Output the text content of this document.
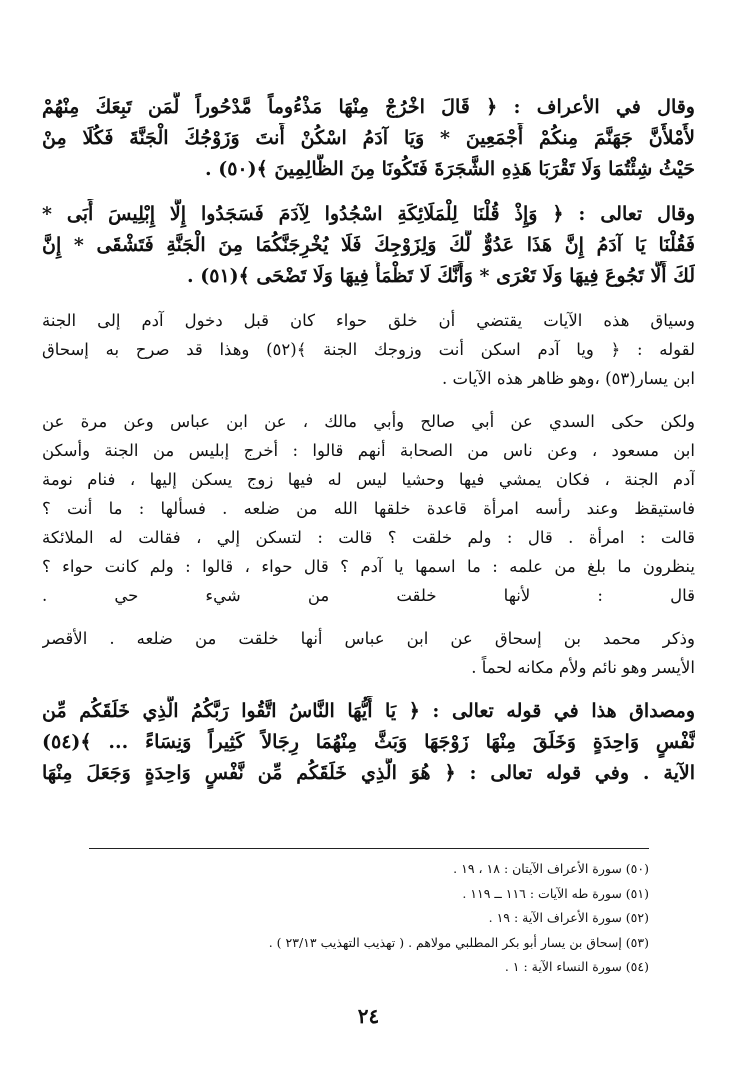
وقال في الأعراف : ﴿ قَالَ اخْرُجْ مِنْهَا مَذْءُوماً مَّدْحُوراً لَّمَن تَبِعَكَ مِنْهُمْ
لأَمْلأَنَّ جَهَنَّمَ مِنكُمْ أَجْمَعِينَ * وَيَا آدَمُ اسْكُنْ أَنتَ وَزَوْجُكَ الْجَنَّةَ فَكُلَا مِنْ
حَيْثُ شِئْتُمَا وَلَا تَقْرَبَا هَذِهِ الشَّجَرَةَ فَتَكُونَا مِنَ الظَّالِمِينَ ﴾(٥٠) .
وقال تعالى : ﴿ وَإِذْ قُلْنَا لِلْمَلَائِكَةِ اسْجُدُوا لِآدَمَ فَسَجَدُوا إِلَّا إِبْلِيسَ أَبَى *
فَقُلْنَا يَا آدَمُ إِنَّ هَذَا عَدُوٌّ لَّكَ وَلِزَوْجِكَ فَلَا يُخْرِجَنَّكُمَا مِنَ الْجَنَّةِ فَتَشْقَى * إِنَّ
لَكَ أَلَّا تَجُوعَ فِيهَا وَلَا تَعْرَى * وَأَنَّكَ لَا تَظْمَأُ فِيهَا وَلَا تَضْحَى ﴾(٥١) .
وسياق هذه الآيات يقتضي أن خلق حواء كان قبل دخول آدم إلى الجنة
لقوله : ﴿ ويا آدم اسكن أنت وزوجك الجنة ﴾(٥٢) وهذا قد صرح به إسحاق
ابن يسار(٥٣) ،وهو ظاهر هذه الآيات .
ولكن حكى السدي عن أبي صالح وأبي مالك ، عن ابن عباس وعن مرة عن
ابن مسعود ، وعن ناس من الصحابة أنهم قالوا : أخرج إبليس من الجنة وأسكن
آدم الجنة ، فكان يمشي فيها وحشيا ليس له فيها زوج يسكن إليها ، فنام نومة
فاستيقظ وعند رأسه امرأة قاعدة خلقها الله من ضلعه . فسألها : ما أنت ؟
قالت : امرأة . قال : ولم خلقت ؟ قالت : لتسكن إلي ، فقالت له الملائكة
ينظرون ما بلغ من علمه : ما اسمها يا آدم ؟ قال حواء ، قالوا : ولم كانت حواء ؟
قال : لأنها خلقت من شيء حي .
وذكر محمد بن إسحاق عن ابن عباس أنها خلقت من ضلعه . الأقصر
الأيسر وهو نائم ولأم مكانه لحماً .
ومصداق هذا في قوله تعالى : ﴿ يَا أَيُّهَا النَّاسُ اتَّقُوا رَبَّكُمُ الَّذِي خَلَقَكُم مِّن
نَّفْسٍ وَاحِدَةٍ وَخَلَقَ مِنْهَا زَوْجَهَا وَبَثَّ مِنْهُمَا رِجَالاً كَثِيراً وَنِسَاءً ... ﴾(٥٤)
الآية . وفي قوله تعالى : ﴿ هُوَ الَّذِي خَلَقَكُم مِّن نَّفْسٍ وَاحِدَةٍ وَجَعَلَ مِنْهَا
(٥٠) سورة الأعراف الآيتان : ١٨ ، ١٩ .
(٥١) سورة طه الآيات : ١١٦ ــ ١١٩ .
(٥٢) سورة الأعراف الآية : ١٩ .
(٥٣) إسحاق بن يسار أبو بكر المطلبي مولاهم . ( تهذيب التهذيب ٢٣/١٣ ) .
(٥٤) سورة النساء الآية : ١ .
٢٤
